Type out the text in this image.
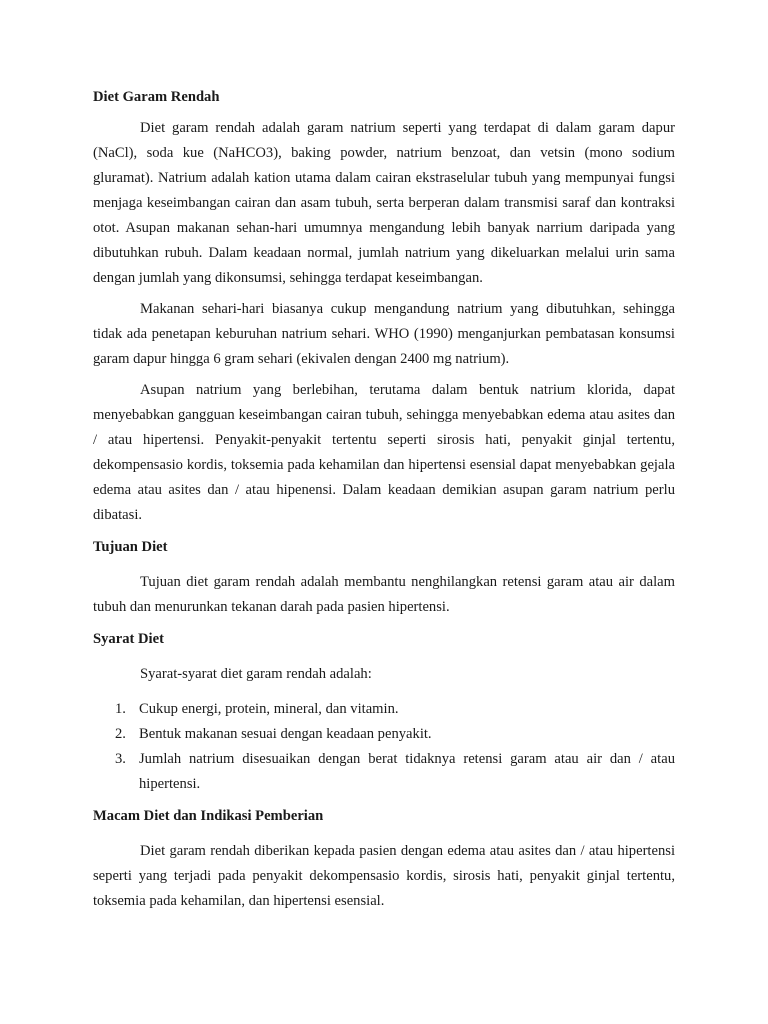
Diet Garam Rendah

Diet garam rendah adalah garam natrium seperti yang terdapat di dalam garam dapur (NaCl), soda kue (NaHCO3), baking powder, natrium benzoat, dan vetsin (mono sodium gluramat). Natrium adalah kation utama dalam cairan ekstraselular tubuh yang mempunyai fungsi menjaga keseimbangan cairan dan asam tubuh, serta berperan dalam transmisi saraf dan kontraksi otot. Asupan makanan sehan-hari umumnya mengandung lebih banyak narrium daripada yang dibutuhkan rubuh. Dalam keadaan normal, jumlah natrium yang dikeluarkan melalui urin sama dengan jumlah yang dikonsumsi, sehingga terdapat keseimbangan.

Makanan sehari-hari biasanya cukup mengandung natrium yang dibutuhkan, sehingga tidak ada penetapan keburuhan natrium sehari. WHO (1990) menganjurkan pembatasan konsumsi garam dapur hingga 6 gram sehari (ekivalen dengan 2400 mg natrium).

Asupan natrium yang berlebihan, terutama dalam bentuk natrium klorida, dapat menyebabkan gangguan keseimbangan cairan tubuh, sehingga menyebabkan edema atau asites dan / atau hipertensi. Penyakit-penyakit tertentu seperti sirosis hati, penyakit ginjal tertentu, dekompensasio kordis, toksemia pada kehamilan dan hipertensi esensial dapat menyebabkan gejala edema atau asites dan / atau hipenensi. Dalam keadaan demikian asupan garam natrium perlu dibatasi.

Tujuan Diet

Tujuan diet garam rendah adalah membantu nenghilangkan retensi garam atau air dalam tubuh dan menurunkan tekanan darah pada pasien hipertensi.

Syarat Diet

Syarat-syarat diet garam rendah adalah:

1. Cukup energi, protein, mineral, dan vitamin.
2. Bentuk makanan sesuai dengan keadaan penyakit.
3. Jumlah natrium disesuaikan dengan berat tidaknya retensi garam atau air dan / atau hipertensi.
Macam Diet dan Indikasi Pemberian

Diet garam rendah diberikan kepada pasien dengan edema atau asites dan / atau hipertensi seperti yang terjadi pada penyakit dekompensasio kordis, sirosis hati, penyakit ginjal tertentu, toksemia pada kehamilan, dan hipertensi esensial.
